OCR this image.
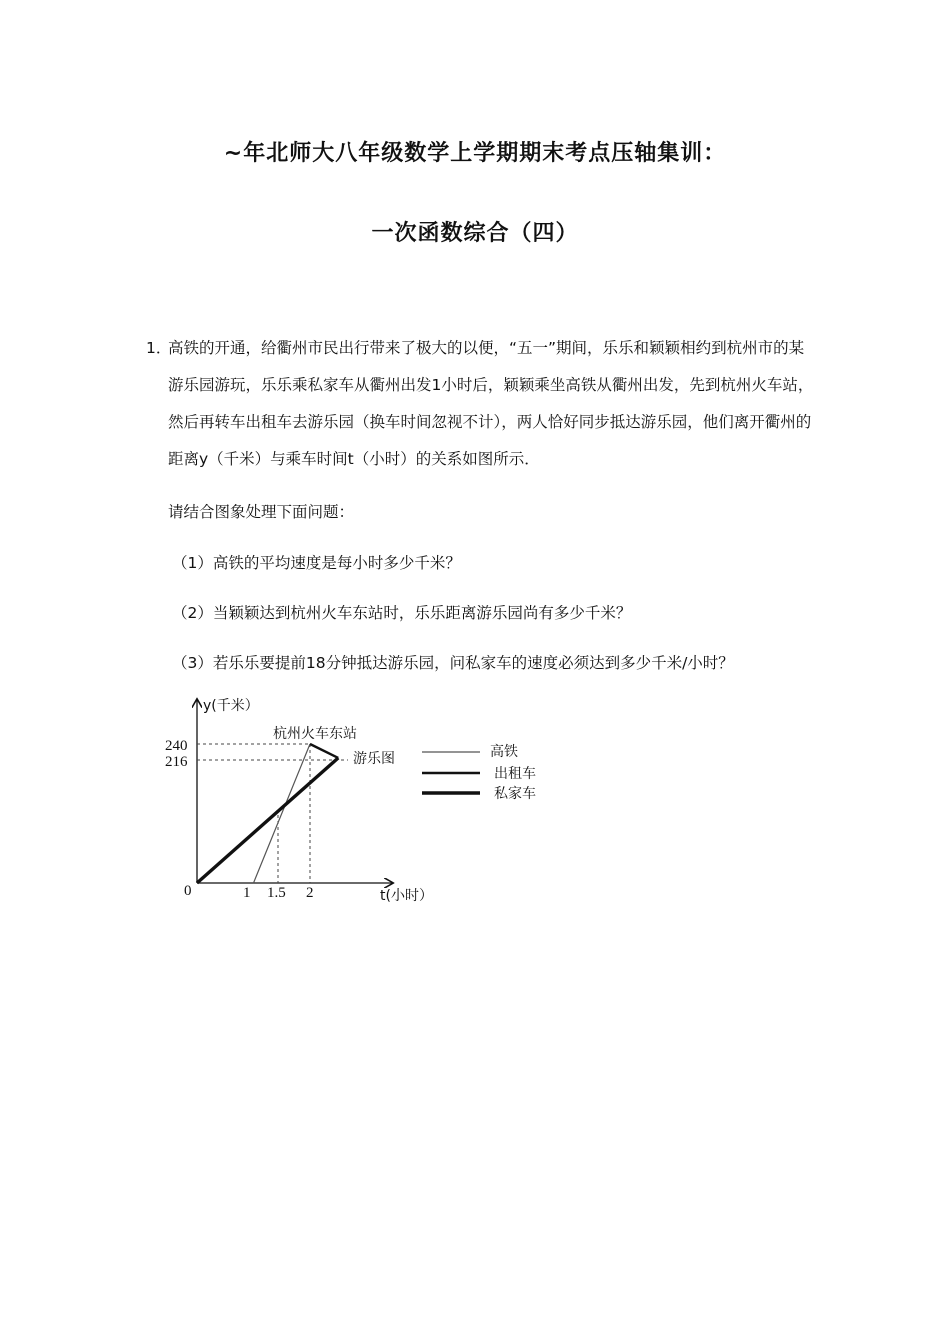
~年北师大八年级数学上学期期末考点压轴集训：
一次函数综合（四）
1．
高铁的开通，给衢州市民出行带来了极大的以便，“五一”期间，乐乐和颖颖相约到杭州市的某游乐园游玩，乐乐乘私家车从衢州出发1小时后，颖颖乘坐高铁从衢州出发，先到杭州火车站，然后再转车出租车去游乐园（换车时间忽视不计），两人恰好同步抵达游乐园，他们离开衢州的距离y（千米）与乘车时间t（小时）的关系如图所示．
请结合图象处理下面问题：
（1）高铁的平均速度是每小时多少千米？
（2）当颖颖达到杭州火车东站时，乐乐距离游乐园尚有多少千米？
（3）若乐乐要提前18分钟抵达游乐园，问私家车的速度必须达到多少千米/小时？
y(千米）
t(小时）
0
240
216
1 1.5 2
杭州火车东站
游乐图	高铁
出租车
私家车
